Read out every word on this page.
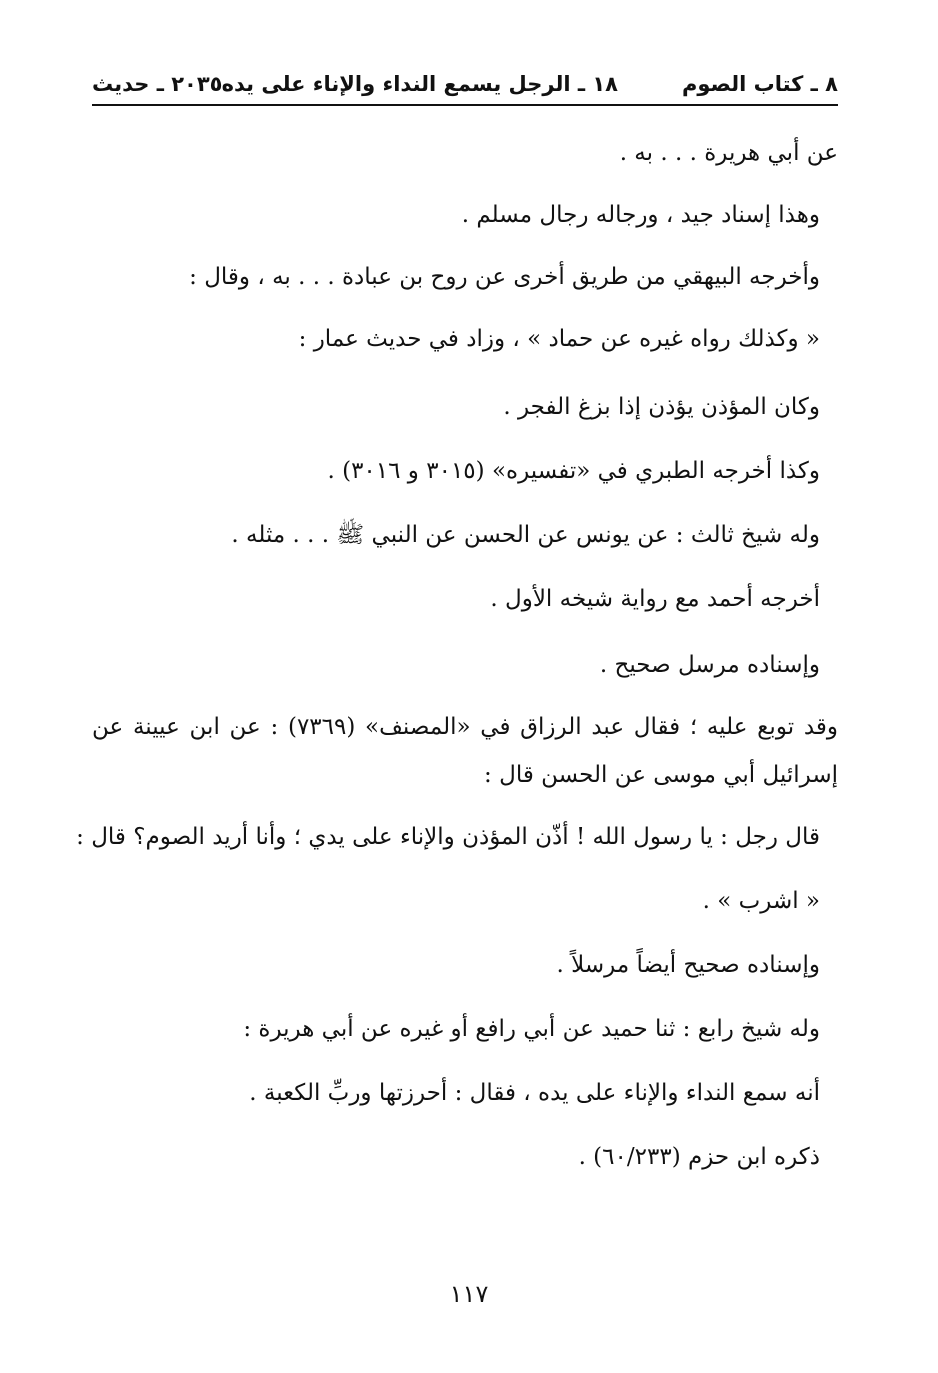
٨ ـ كتاب الصوم
١٨ ـ الرجل يسمع النداء والإناء على يده
٢٠٣٥ ـ حديث
عن أبي هريرة . . . به .
وهذا إسناد جيد ، ورجاله رجال مسلم .
وأخرجه البيهقي من طريق أخرى عن روح بن عبادة . . . به ، وقال :
« وكذلك رواه غيره عن حماد » ، وزاد في حديث عمار :
وكان المؤذن يؤذن إذا بزغ الفجر .
وكذا أخرجه الطبري في «تفسيره» (٣٠١٥ و ٣٠١٦) .
وله شيخ ثالث : عن يونس عن الحسن عن النبي ﷺ . . . مثله .
أخرجه أحمد مع رواية شيخه الأول .
وإسناده مرسل صحيح .
وقد توبع عليه ؛ فقال عبد الرزاق في «المصنف» (٧٣٦٩) : عن ابن عيينة عن
إسرائيل أبي موسى عن الحسن قال :
قال رجل : يا رسول الله ! أذّن المؤذن والإناء على يدي ؛ وأنا أريد الصوم؟ قال :
« اشرب » .
وإسناده صحيح أيضاً مرسلاً .
وله شيخ رابع : ثنا حميد عن أبي رافع أو غيره عن أبي هريرة :
أنه سمع النداء والإناء على يده ، فقال : أحرزتها وربِّ الكعبة .
ذكره ابن حزم (٦٠/٢٣٣) .
١١٧
